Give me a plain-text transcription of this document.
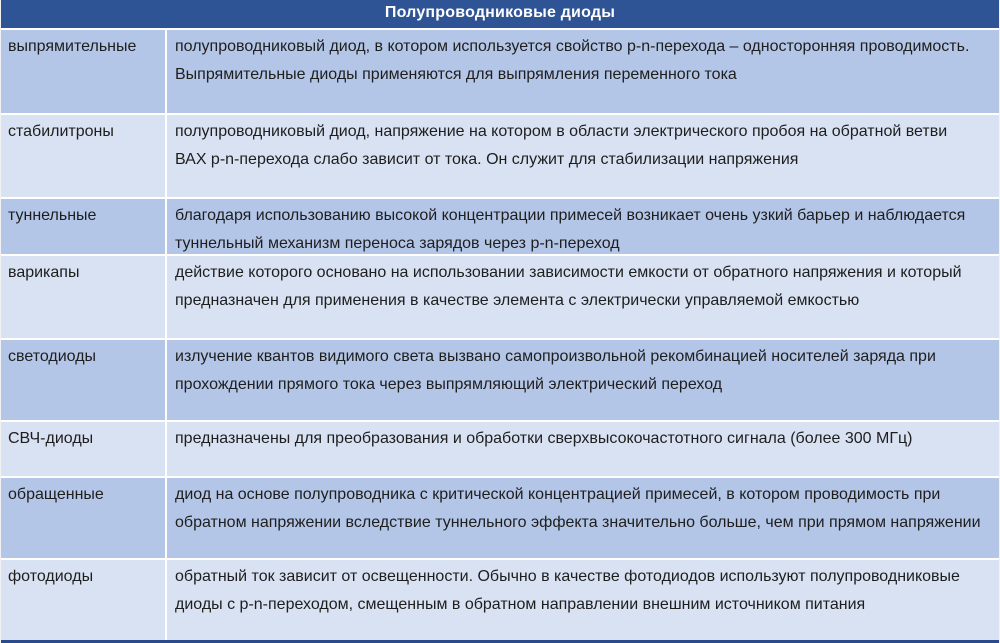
Полупроводниковые диоды
выпрямительные	полупроводниковый диод, в котором используется свойство p-n-перехода – односторонняя проводимость. Выпрямительные диоды применяются для выпрямления переменного тока
стабилитроны	полупроводниковый диод, напряжение на котором в области электрического пробоя на обратной ветви ВАХ p-n-перехода слабо зависит от тока. Он служит для стабилизации напряжения
туннельные	благодаря использованию высокой концентрации примесей возникает очень узкий барьер и наблюдается туннельный механизм переноса зарядов через p-n-переход
варикапы	действие которого основано на использовании зависимости емкости от обратного напряжения и который предназначен для применения в качестве элемента с электрически управляемой емкостью
светодиоды	излучение квантов видимого света вызвано самопроизвольной рекомбинацией носителей заряда при прохождении прямого тока через выпрямляющий электрический переход
СВЧ-диоды	предназначены для преобразования и обработки сверхвысокочастотного сигнала (более 300 МГц)
обращенные	диод на основе полупроводника с критической концентрацией примесей, в котором проводимость при обратном напряжении вследствие туннельного эффекта значительно больше, чем при прямом напряжении
фотодиоды	обратный ток зависит от освещенности. Обычно в качестве фотодиодов используют полупроводниковые диоды с p-n-переходом, смещенным в обратном направлении внешним источником питания
